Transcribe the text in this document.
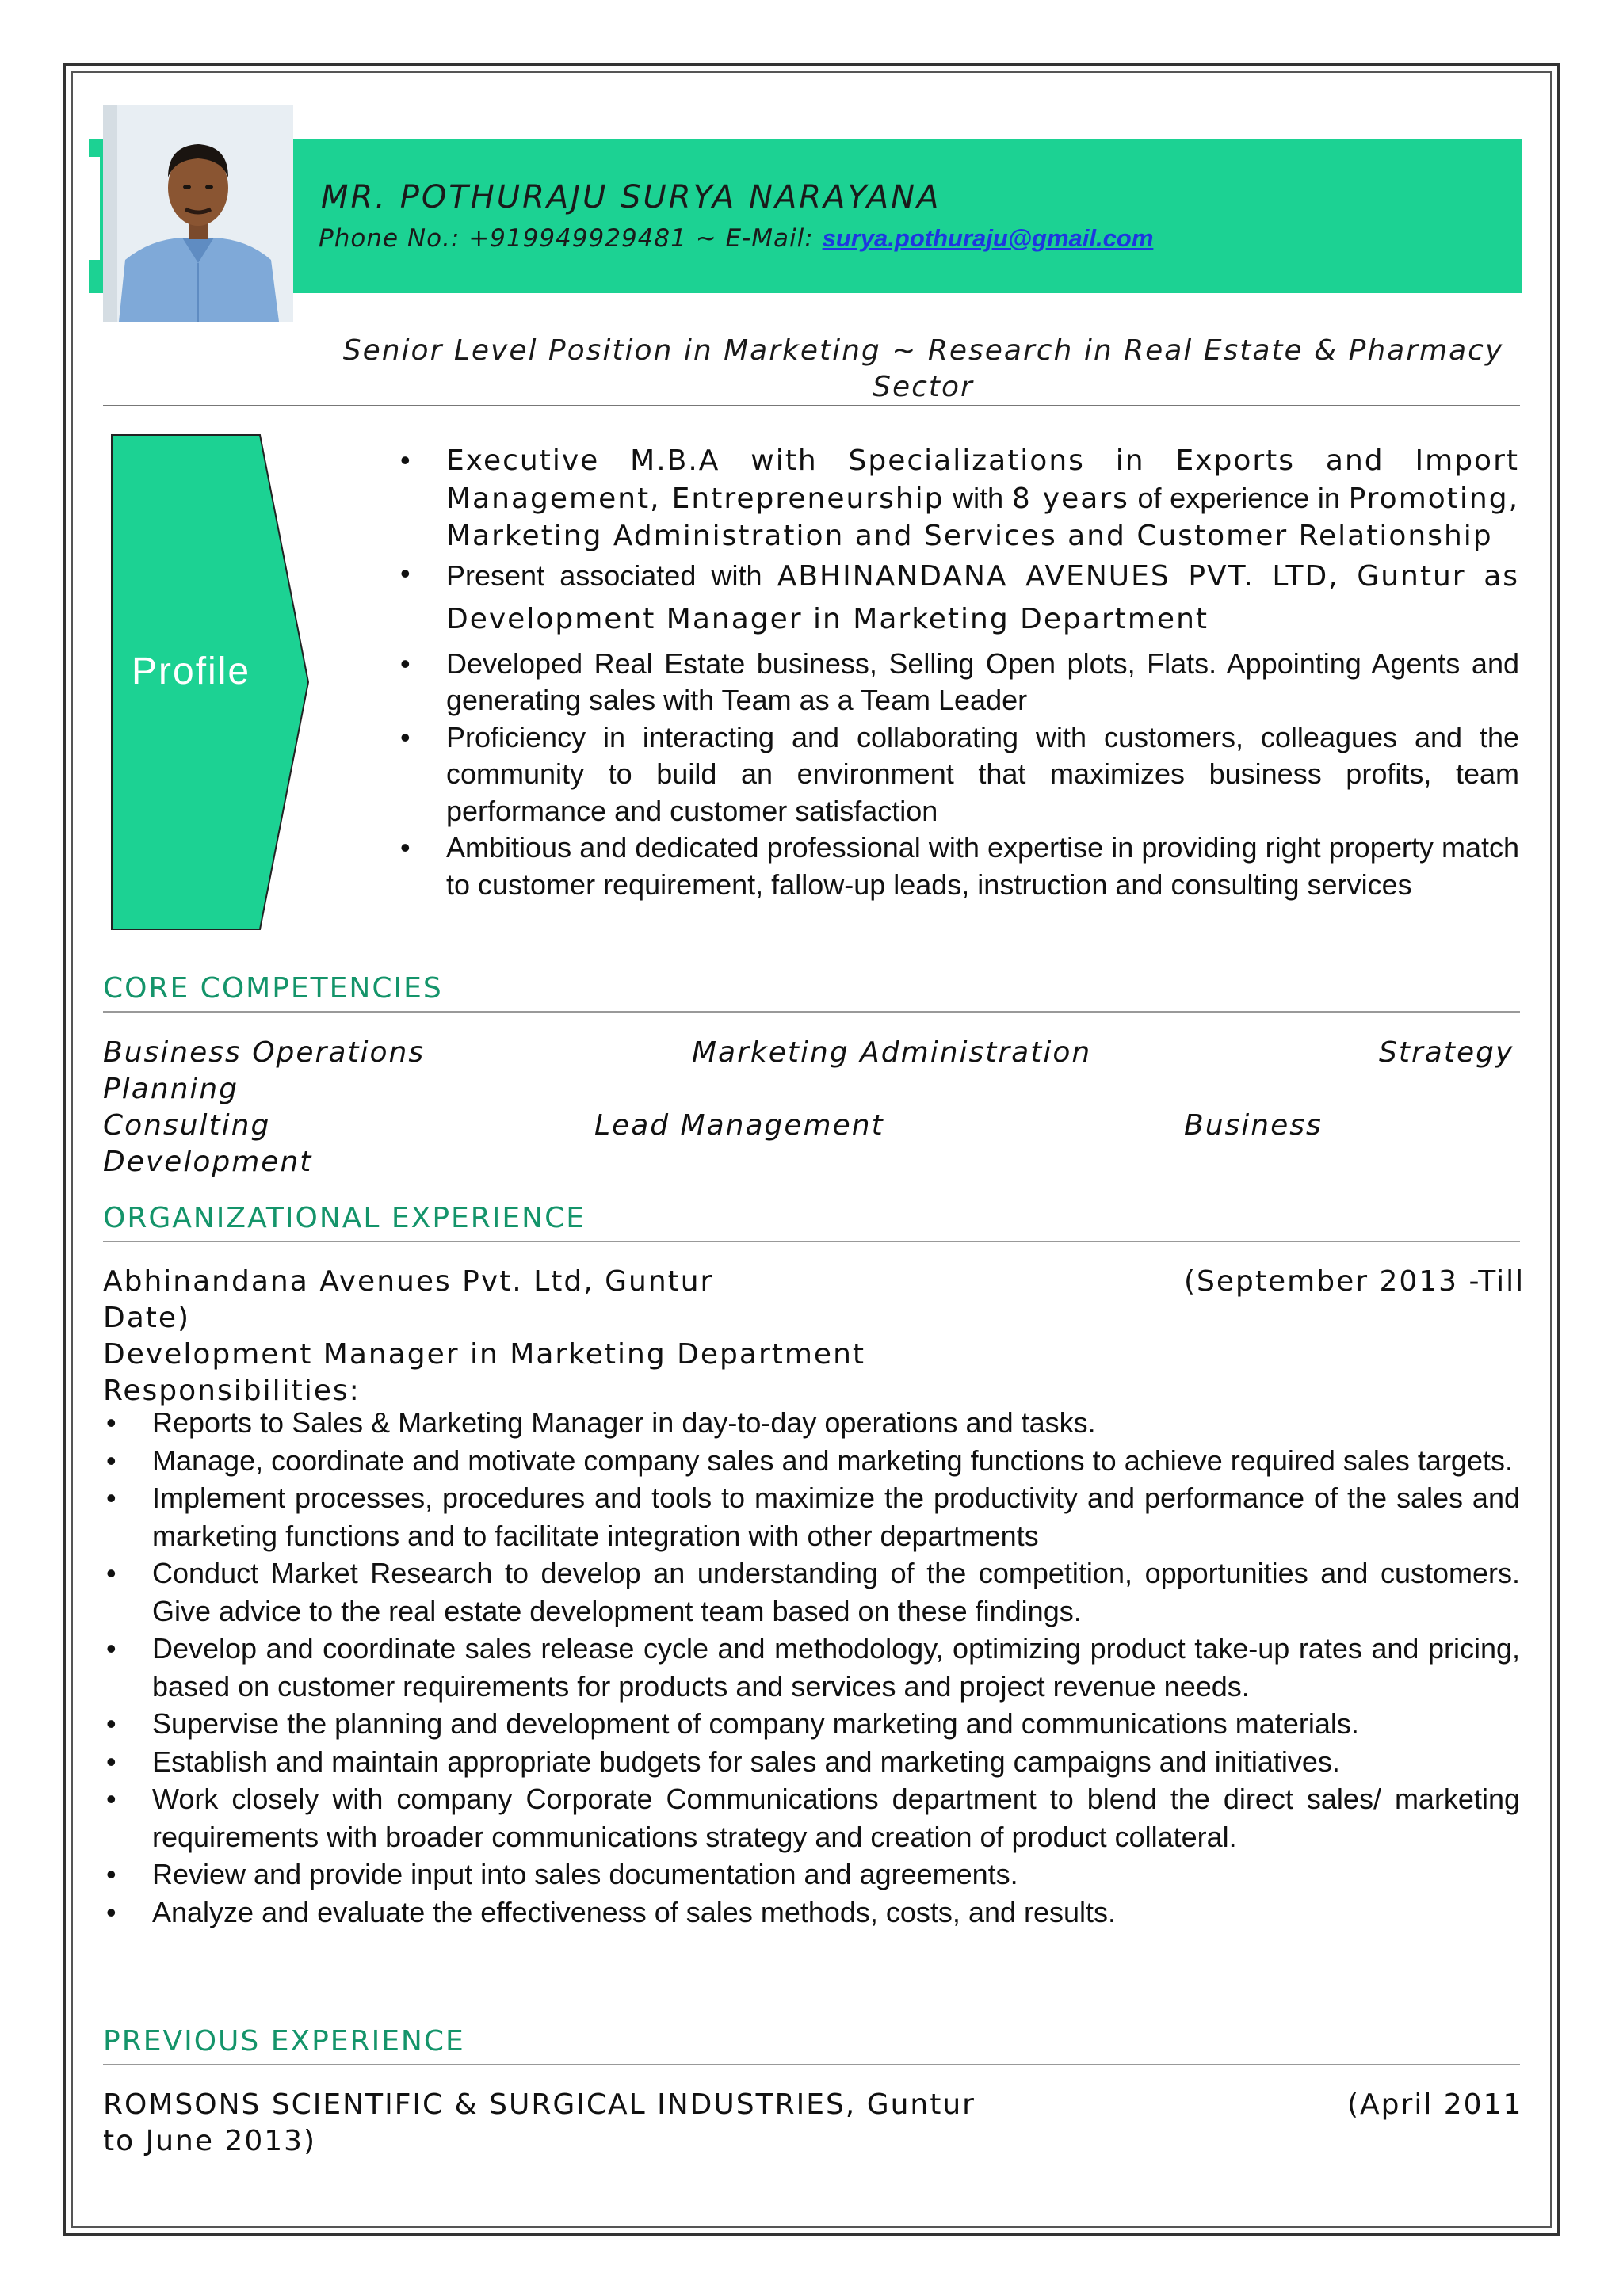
MR. POTHURAJU SURYA NARAYANA
Phone No.: +919949929481 ~ E-Mail: surya.pothuraju@gmail.com
Senior Level Position in Marketing ~ Research in Real Estate & Pharmacy Sector
Profile
• Executive M.B.A with Specializations in Exports and Import Management, Entrepreneurship with 8 years of experience in Promoting, Marketing Administration and Services and Customer Relationship
• Present associated with ABHINANDANA AVENUES PVT. LTD, Guntur as Development Manager in Marketing Department
• Developed Real Estate business, Selling Open plots, Flats. Appointing Agents and generating sales with Team as a Team Leader
• Proficiency in interacting and collaborating with customers, colleagues and the community to build an environment that maximizes business profits, team performance and customer satisfaction
• Ambitious and dedicated professional with expertise in providing right property match to customer requirement, fallow-up leads, instruction and consulting services
CORE COMPETENCIES
Business Operations	Marketing Administration	Strategy
Planning
Consulting	Lead Management	Business
Development
ORGANIZATIONAL EXPERIENCE
Abhinandana Avenues Pvt. Ltd, Guntur	(September 2013 -Till
Date)
Development Manager in Marketing Department
Responsibilities:
• Reports to Sales & Marketing Manager in day-to-day operations and tasks.
• Manage, coordinate and motivate company sales and marketing functions to achieve required sales targets.
• Implement processes, procedures and tools to maximize the productivity and performance of the sales and marketing functions and to facilitate integration with other departments
• Conduct Market Research to develop an understanding of the competition, opportunities and customers. Give advice to the real estate development team based on these findings.
• Develop and coordinate sales release cycle and methodology, optimizing product take-up rates and pricing, based on customer requirements for products and services and project revenue needs.
• Supervise the planning and development of company marketing and communications materials.
• Establish and maintain appropriate budgets for sales and marketing campaigns and initiatives.
• Work closely with company Corporate Communications department to blend the direct sales/ marketing requirements with broader communications strategy and creation of product collateral.
• Review and provide input into sales documentation and agreements.
• Analyze and evaluate the effectiveness of sales methods, costs, and results.
PREVIOUS EXPERIENCE
ROMSONS SCIENTIFIC & SURGICAL INDUSTRIES, Guntur	(April 2011
to June 2013)
